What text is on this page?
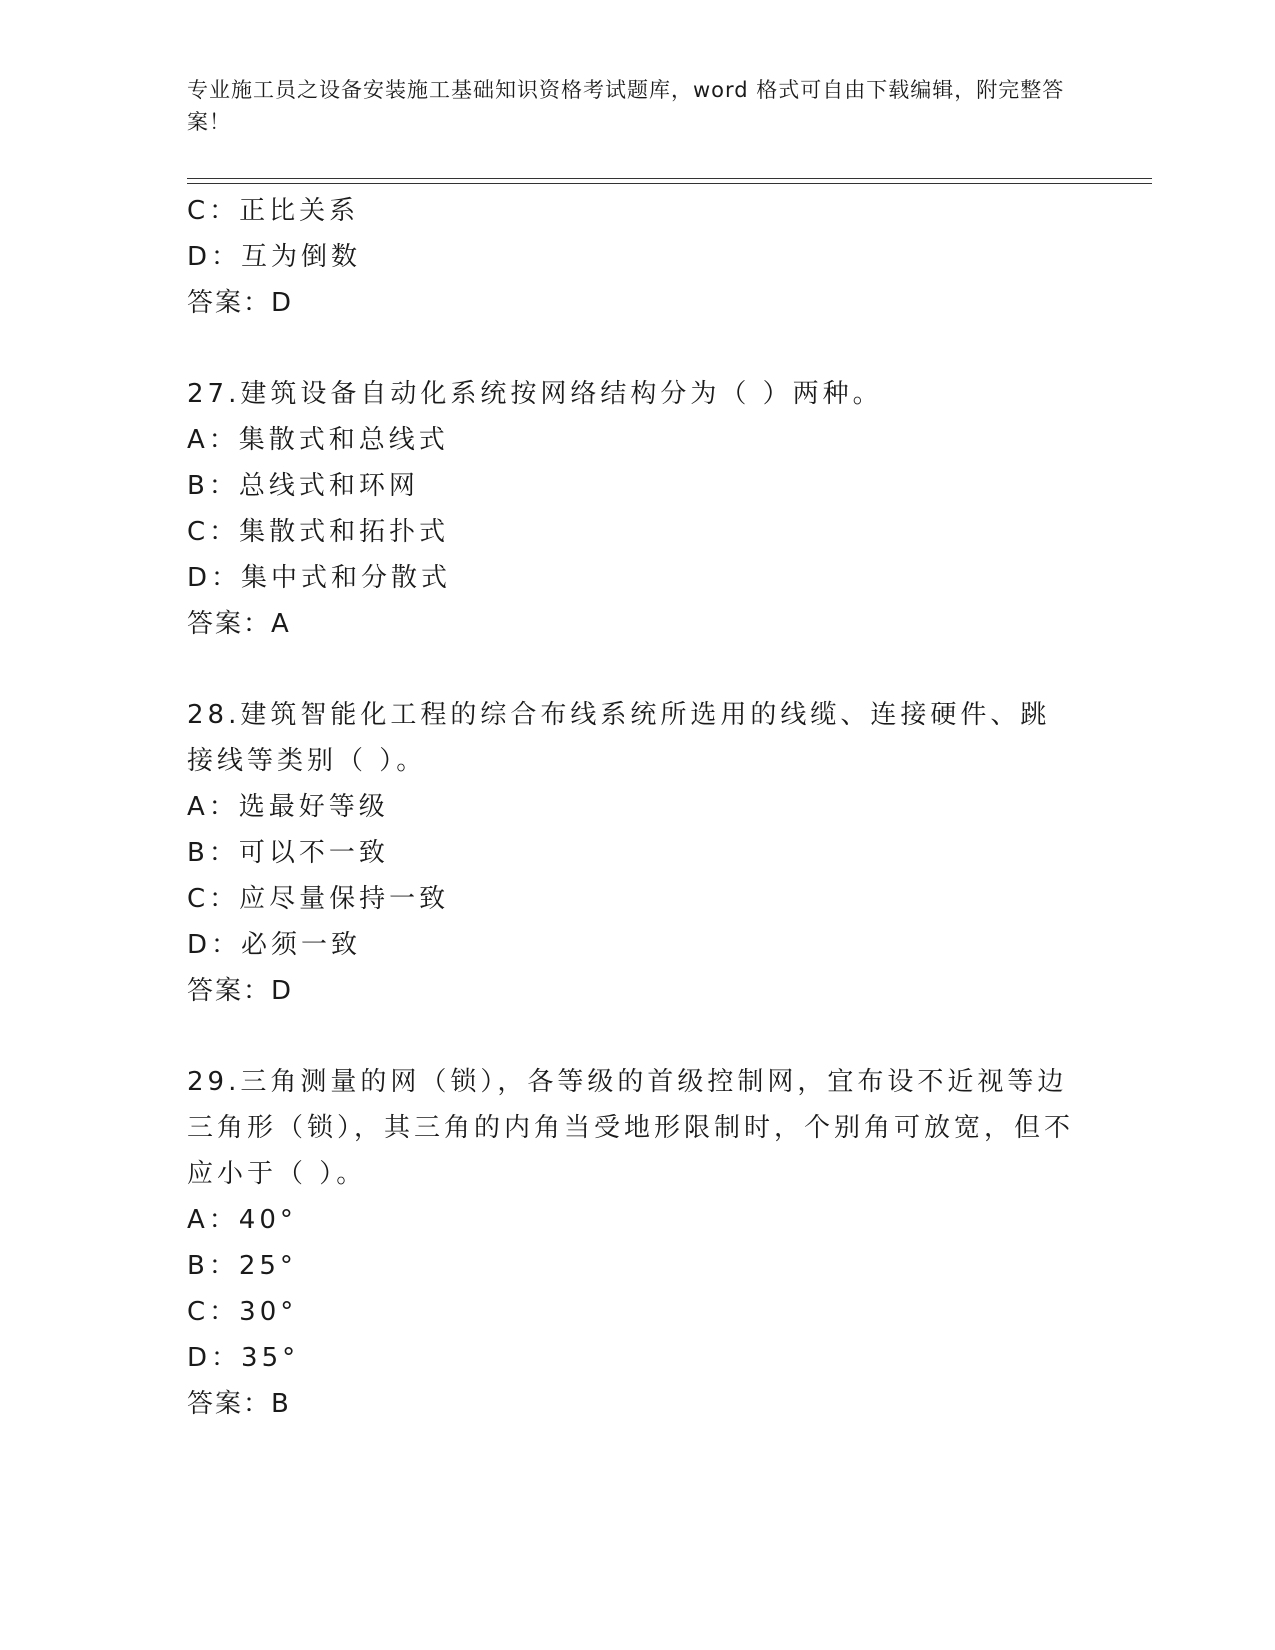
专业施工员之设备安装施工基础知识资格考试题库，word 格式可自由下载编辑，附完整答案！
C：正比关系
D：互为倒数
答案：D
27.建筑设备自动化系统按网络结构分为（ ）两种。
A：集散式和总线式
B：总线式和环网
C：集散式和拓扑式
D：集中式和分散式
答案：A
28.建筑智能化工程的综合布线系统所选用的线缆、连接硬件、跳接线等类别（ ）。
A：选最好等级
B：可以不一致
C：应尽量保持一致
D：必须一致
答案：D
29.三角测量的网（锁），各等级的首级控制网，宜布设不近视等边三角形（锁），其三角的内角当受地形限制时，个别角可放宽，但不应小于（ ）。
A：40°
B：25°
C：30°
D：35°
答案：B
